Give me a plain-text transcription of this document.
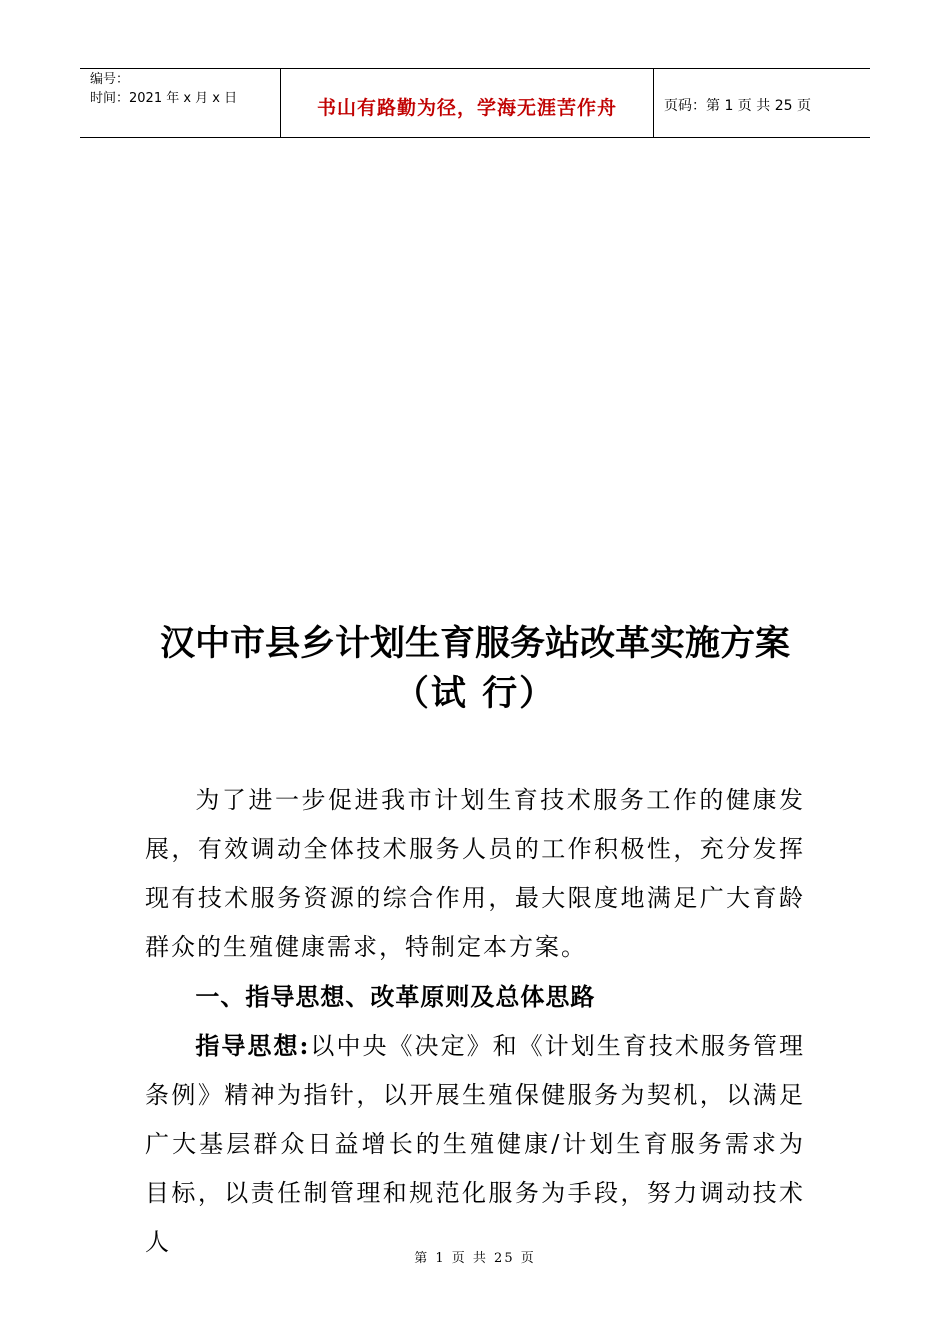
编号：
时间：2021 年 x 月 x 日	书山有路勤为径，学海无涯苦作舟	页码：第 1 页 共 25 页
汉中市县乡计划生育服务站改革实施方案
（试 行）

为了进一步促进我市计划生育技术服务工作的健康发展，有效调动全体技术服务人员的工作积极性，充分发挥现有技术服务资源的综合作用，最大限度地满足广大育龄群众的生殖健康需求，特制定本方案。

一、指导思想、改革原则及总体思路

指导思想:以中央《决定》和《计划生育技术服务管理条例》精神为指针，以开展生殖保健服务为契机，以满足广大基层群众日益增长的生殖健康/计划生育服务需求为目标，以责任制管理和规范化服务为手段，努力调动技术人

第 1 页 共 25 页
